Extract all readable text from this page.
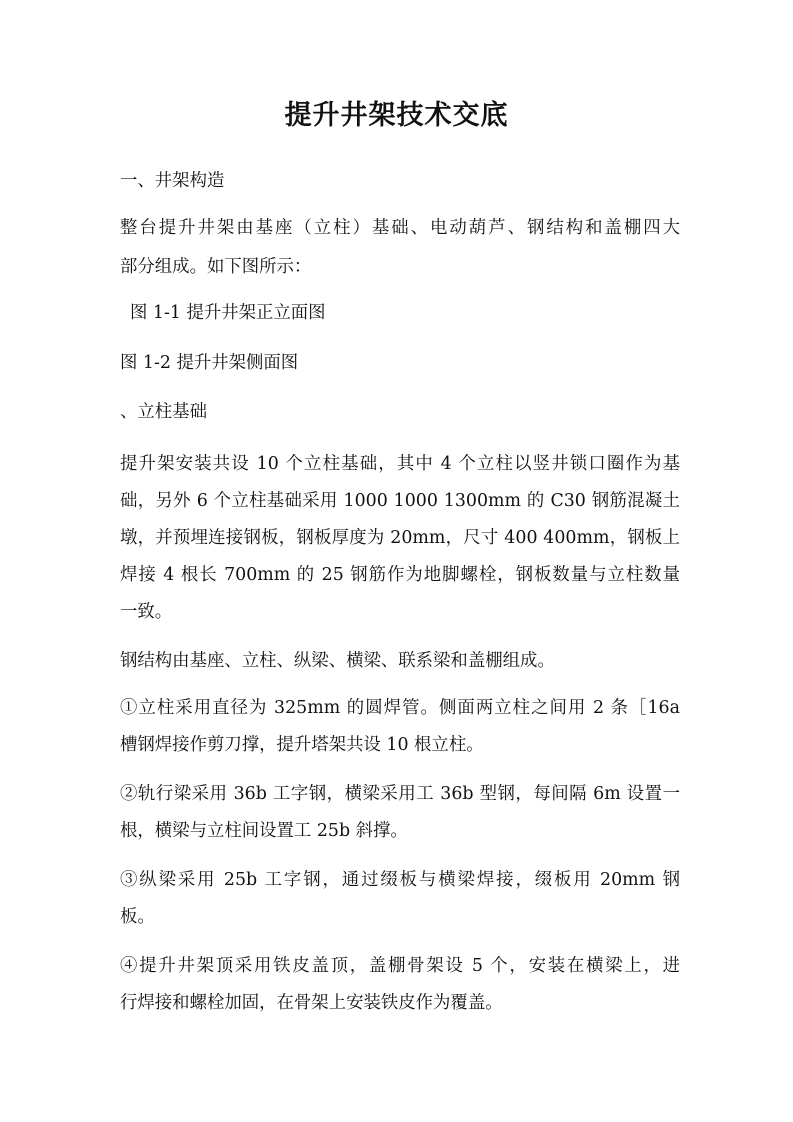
提升井架技术交底
一、井架构造
整台提升井架由基座（立柱）基础、电动葫芦、钢结构和盖棚四大
部分组成。如下图所示：
图 1-1 提升井架正立面图
图 1-2 提升井架侧面图
、立柱基础
提升架安装共设 10 个立柱基础，其中 4 个立柱以竖井锁口圈作为基
础，另外 6 个立柱基础采用 1000 1000 1300mm 的 C30 钢筋混凝土
墩，并预埋连接钢板，钢板厚度为 20mm，尺寸 400 400mm，钢板上
焊接 4 根长 700mm 的 25 钢筋作为地脚螺栓，钢板数量与立柱数量
一致。
钢结构由基座、立柱、纵梁、横梁、联系梁和盖棚组成。
①立柱采用直径为 325mm 的圆焊管。侧面两立柱之间用 2 条［16a
槽钢焊接作剪刀撑，提升塔架共设 10 根立柱。
②轨行梁采用 36b 工字钢，横梁采用工 36b 型钢，每间隔 6m 设置一
根，横梁与立柱间设置工 25b 斜撑。
③纵梁采用 25b 工字钢，通过缀板与横梁焊接，缀板用 20mm 钢
板。
④提升井架顶采用铁皮盖顶，盖棚骨架设 5 个，安装在横梁上，进
行焊接和螺栓加固，在骨架上安装铁皮作为覆盖。
